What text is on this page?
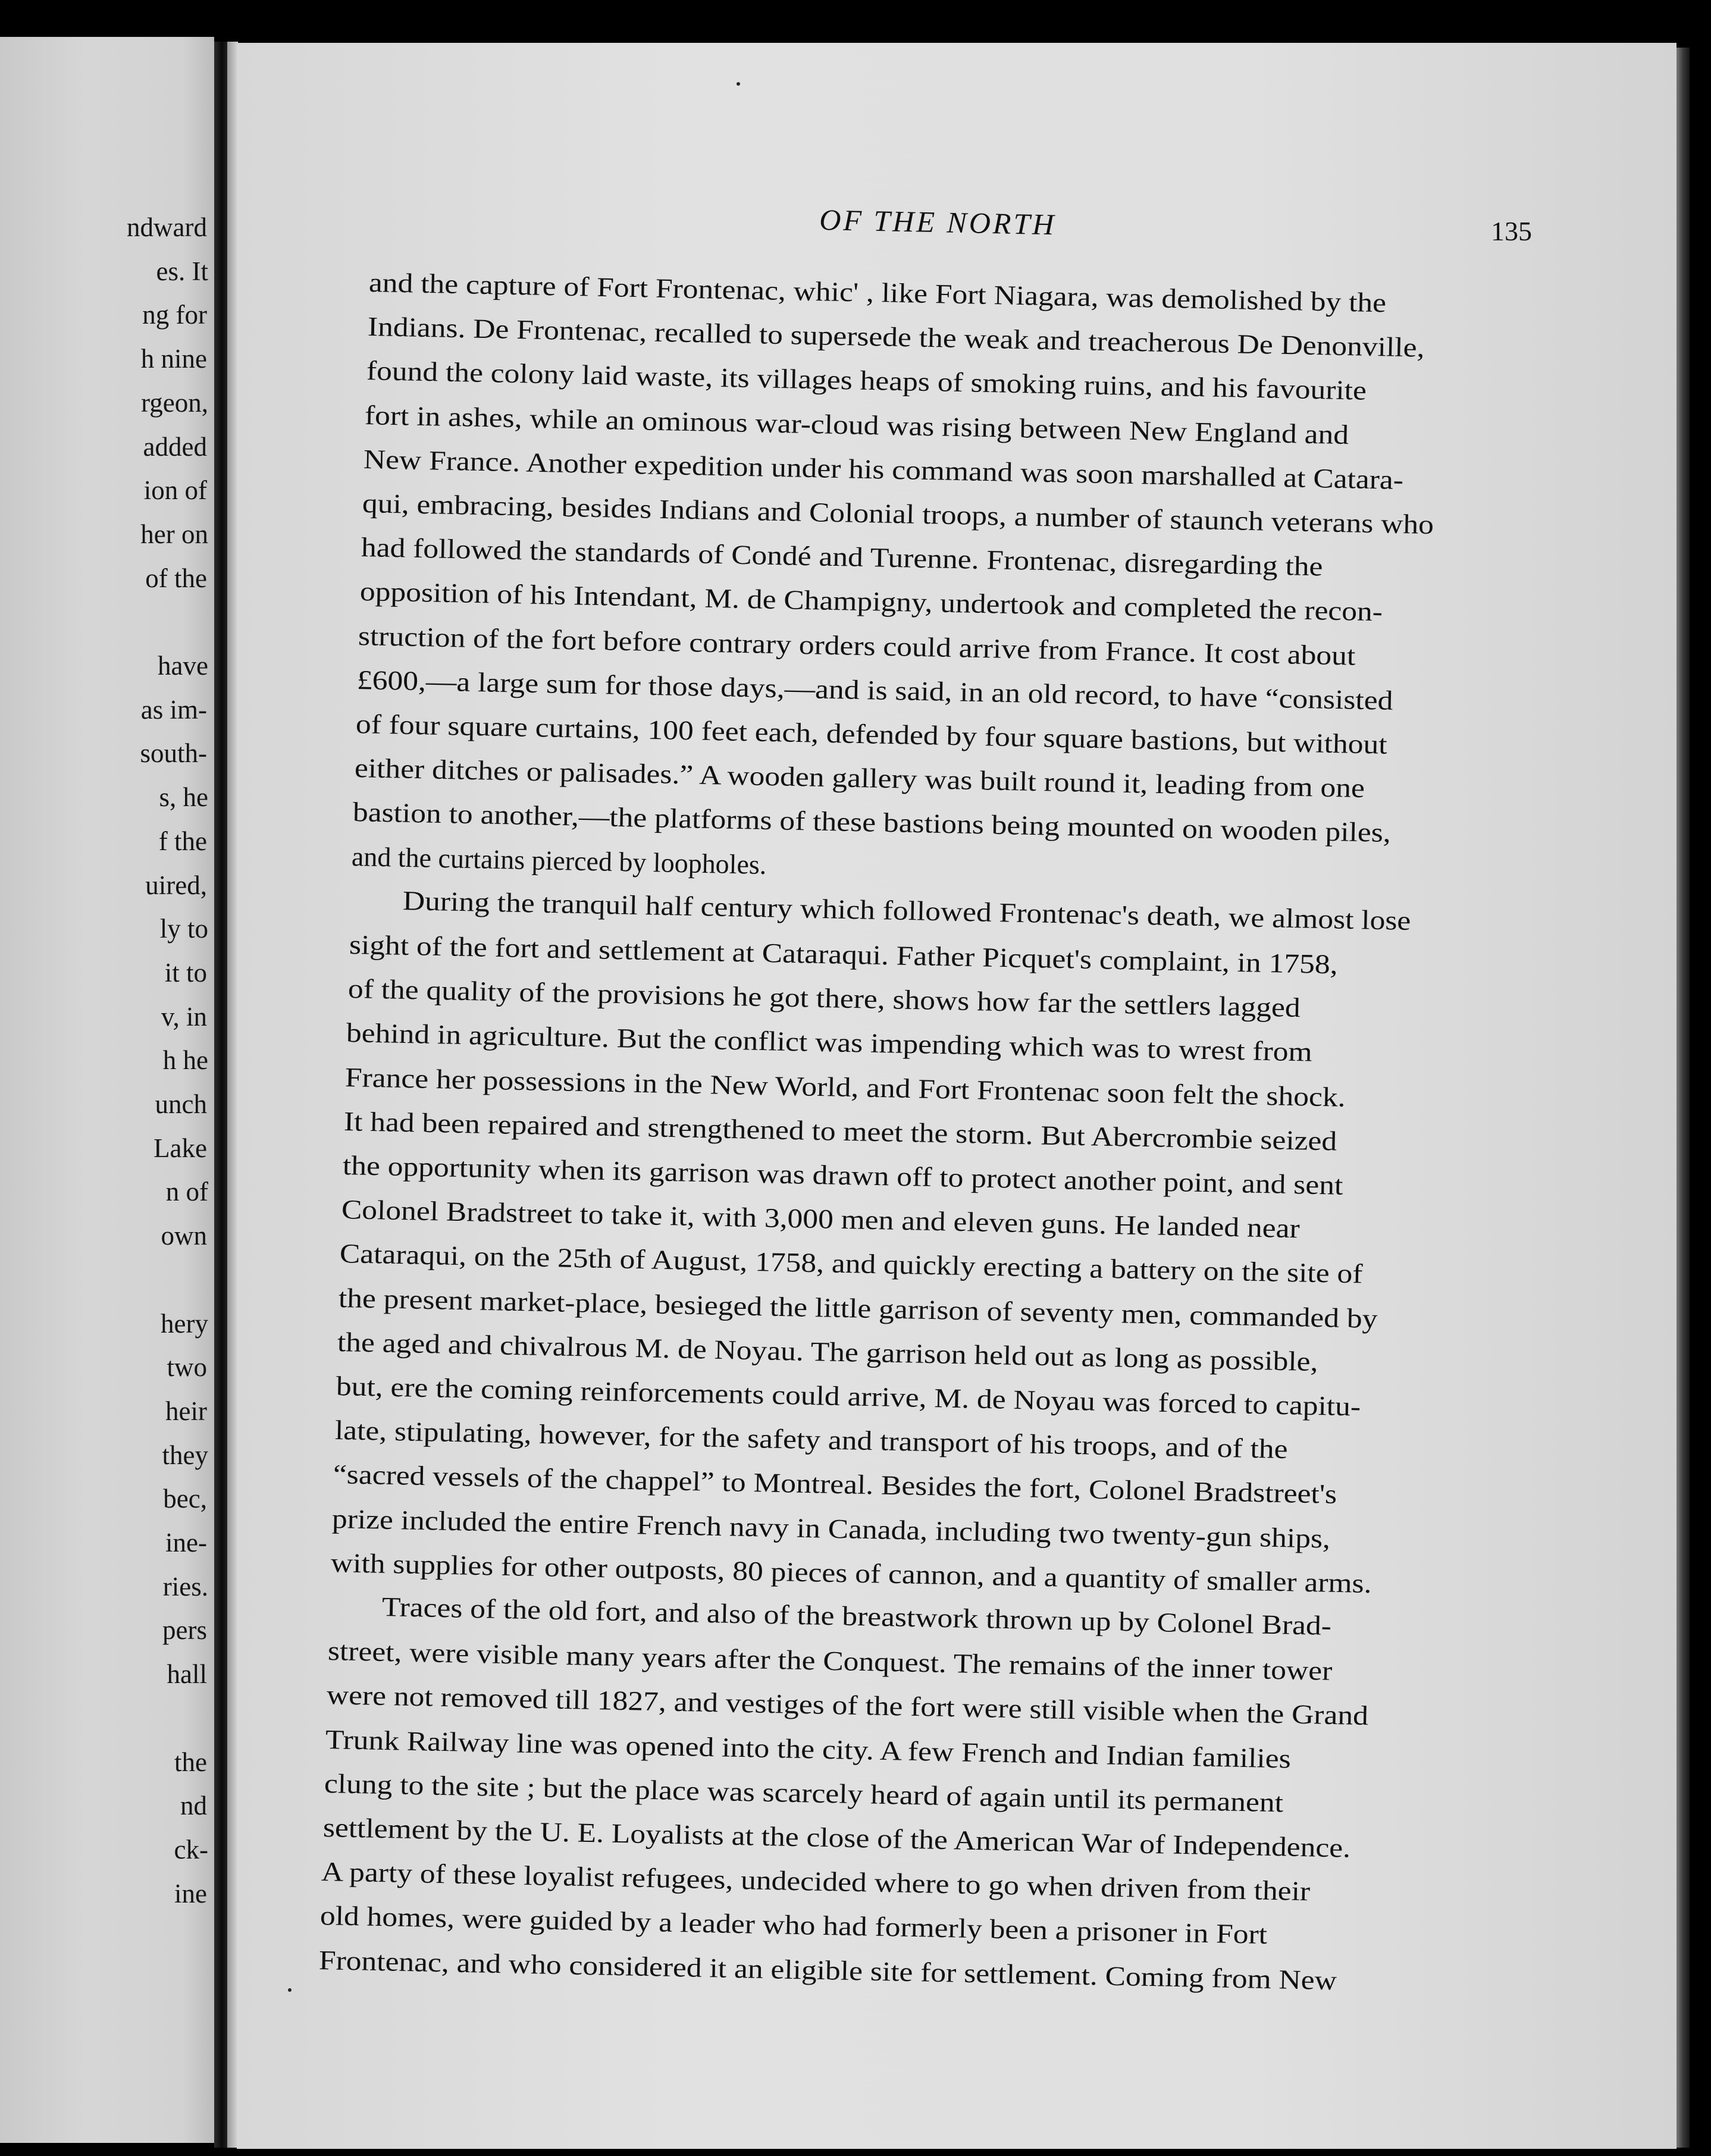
ndward
es. It
ng for
h nine
rgeon,
added
ion of
her on
of the
have
as im-
south-
s, he
f the
uired,
ly to
it to
v, in
h he
unch
Lake
n of
own
hery
two
heir
they
bec,
ine-
ries.
pers
hall
the
nd
ck-
ine
OF THE NORTH	135
and the capture of Fort Frontenac, whic' , like Fort Niagara, was demolished by the
Indians. De Frontenac, recalled to supersede the weak and treacherous De Denonville,
found the colony laid waste, its villages heaps of smoking ruins, and his favourite
fort in ashes, while an ominous war-cloud was rising between New England and
New France. Another expedition under his command was soon marshalled at Catara-
qui, embracing, besides Indians and Colonial troops, a number of staunch veterans who
had followed the standards of Condé and Turenne. Frontenac, disregarding the
opposition of his Intendant, M. de Champigny, undertook and completed the recon-
struction of the fort before contrary orders could arrive from France. It cost about
£600,—a large sum for those days,—and is said, in an old record, to have “consisted
of four square curtains, 100 feet each, defended by four square bastions, but without
either ditches or palisades.” A wooden gallery was built round it, leading from one
bastion to another,—the platforms of these bastions being mounted on wooden piles,
and the curtains pierced by loopholes.
During the tranquil half century which followed Frontenac's death, we almost lose
sight of the fort and settlement at Cataraqui. Father Picquet's complaint, in 1758,
of the quality of the provisions he got there, shows how far the settlers lagged
behind in agriculture. But the conflict was impending which was to wrest from
France her possessions in the New World, and Fort Frontenac soon felt the shock.
It had been repaired and strengthened to meet the storm. But Abercrombie seized
the opportunity when its garrison was drawn off to protect another point, and sent
Colonel Bradstreet to take it, with 3,000 men and eleven guns. He landed near
Cataraqui, on the 25th of August, 1758, and quickly erecting a battery on the site of
the present market-place, besieged the little garrison of seventy men, commanded by
the aged and chivalrous M. de Noyau. The garrison held out as long as possible,
but, ere the coming reinforcements could arrive, M. de Noyau was forced to capitu-
late, stipulating, however, for the safety and transport of his troops, and of the
“sacred vessels of the chappel” to Montreal. Besides the fort, Colonel Bradstreet's
prize included the entire French navy in Canada, including two twenty-gun ships,
with supplies for other outposts, 80 pieces of cannon, and a quantity of smaller arms.
Traces of the old fort, and also of the breastwork thrown up by Colonel Brad-
street, were visible many years after the Conquest. The remains of the inner tower
were not removed till 1827, and vestiges of the fort were still visible when the Grand
Trunk Railway line was opened into the city. A few French and Indian families
clung to the site ; but the place was scarcely heard of again until its permanent
settlement by the U. E. Loyalists at the close of the American War of Independence.
A party of these loyalist refugees, undecided where to go when driven from their
old homes, were guided by a leader who had formerly been a prisoner in Fort
Frontenac, and who considered it an eligible site for settlement. Coming from New
